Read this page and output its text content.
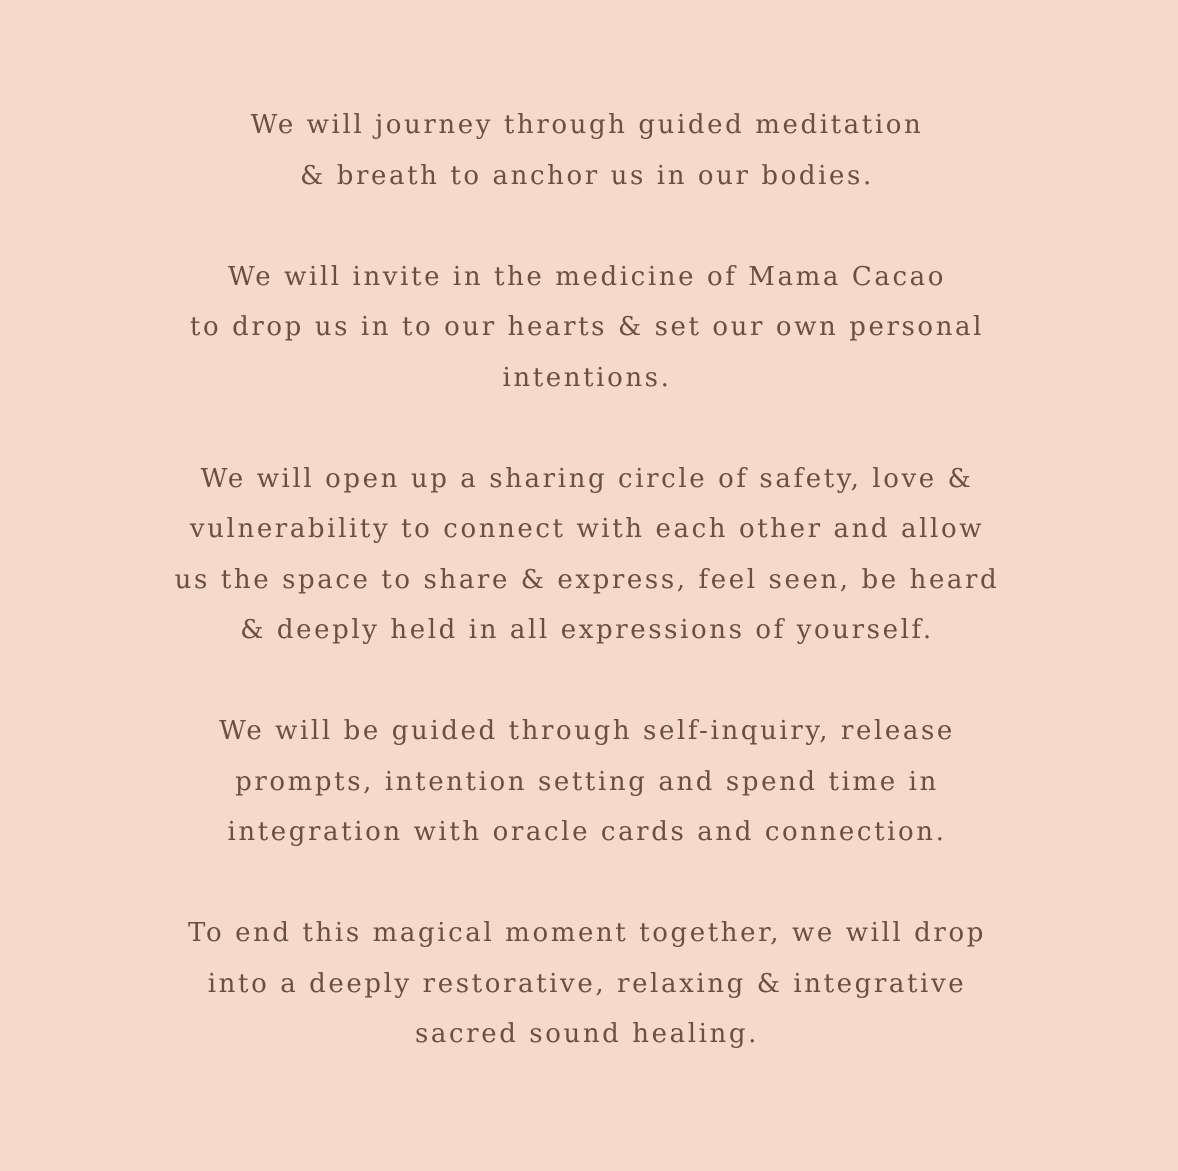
We will journey through guided meditation
& breath to anchor us in our bodies.

We will invite in the medicine of Mama Cacao
to drop us in to our hearts & set our own personal
intentions.

We will open up a sharing circle of safety, love &
vulnerability to connect with each other and allow
us the space to share & express, feel seen, be heard
& deeply held in all expressions of yourself.

We will be guided through self-inquiry, release
prompts, intention setting and spend time in
integration with oracle cards and connection.

To end this magical moment together, we will drop
into a deeply restorative, relaxing & integrative
sacred sound healing.
